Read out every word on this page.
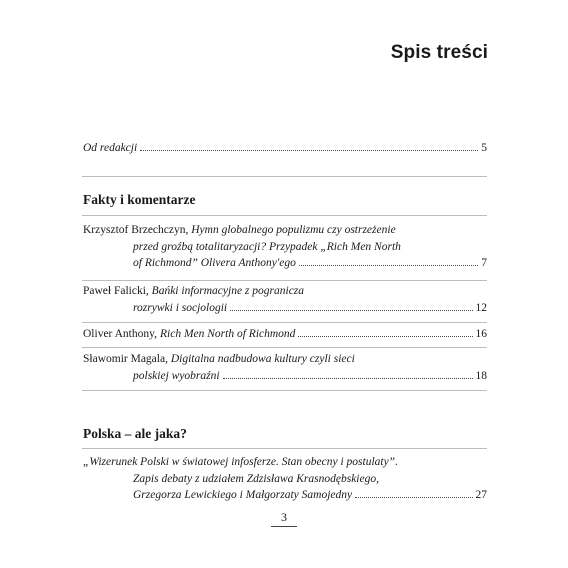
Spis treści
Od redakcji	5
Fakty i komentarze
Krzysztof Brzechczyn, Hymn globalnego populizmu czy ostrzeżenie
przed groźbą totalitaryzacji? Przypadek „Rich Men North
of Richmond” Olivera Anthony'ego	7
Paweł Falicki, Bańki informacyjne z pogranicza
rozrywki i socjologii	12
Oliver Anthony, Rich Men North of Richmond	16
Sławomir Magala, Digitalna nadbudowa kultury czyli sieci
polskiej wyobraźni	18
Polska – ale jaka?
„Wizerunek Polski w światowej infosferze. Stan obecny i postulaty”.
Zapis debaty z udziałem Zdzisława Krasnodębskiego,
Grzegorza Lewickiego i Małgorzaty Samojedny	27
3
